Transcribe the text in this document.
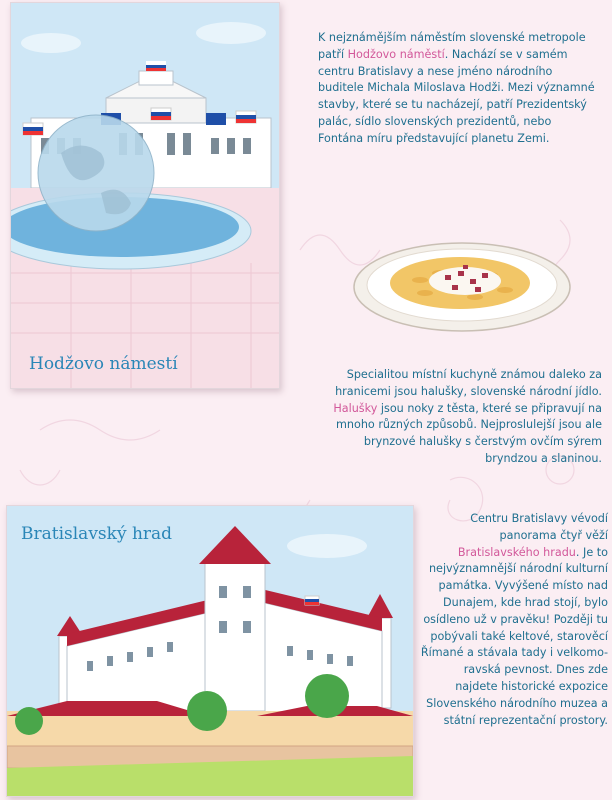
Hodžovo námestí

K nejznámějším náměstím slovenské metropole patří Hodžovo náměstí. Nachází se v samém centru Bratislavy a nese jméno národního buditele Michala Miloslava Hodži. Mezi významné stavby, které se tu nacházejí, patří Prezidentský palác, sídlo slovenských prezidentů, nebo Fontána míru představující planetu Zemi.

Specialitou místní kuchyně známou daleko za hranicemi jsou halušky, slovenské národní jídlo. Halušky jsou noky z těsta, které se připravují na mnoho různých způsobů. Nejproslulejší jsou ale brynzové halušky s čerstvým ovčím sýrem bryndzou a slaninou.

Bratislavský hrad

Centru Bratislavy vévodí panorama čtyř věží Bratislavského hradu. Je to nejvýznamnější národní kulturní památka. Vyvýšené místo nad Dunajem, kde hrad stojí, bylo osídleno už v pravěku! Později tu pobývali také keltové, starověcí Římané a stávala tady i velkomoravská pevnost. Dnes zde najdete historické expozice Slovenského národního muzea a státní reprezentační prostory.
